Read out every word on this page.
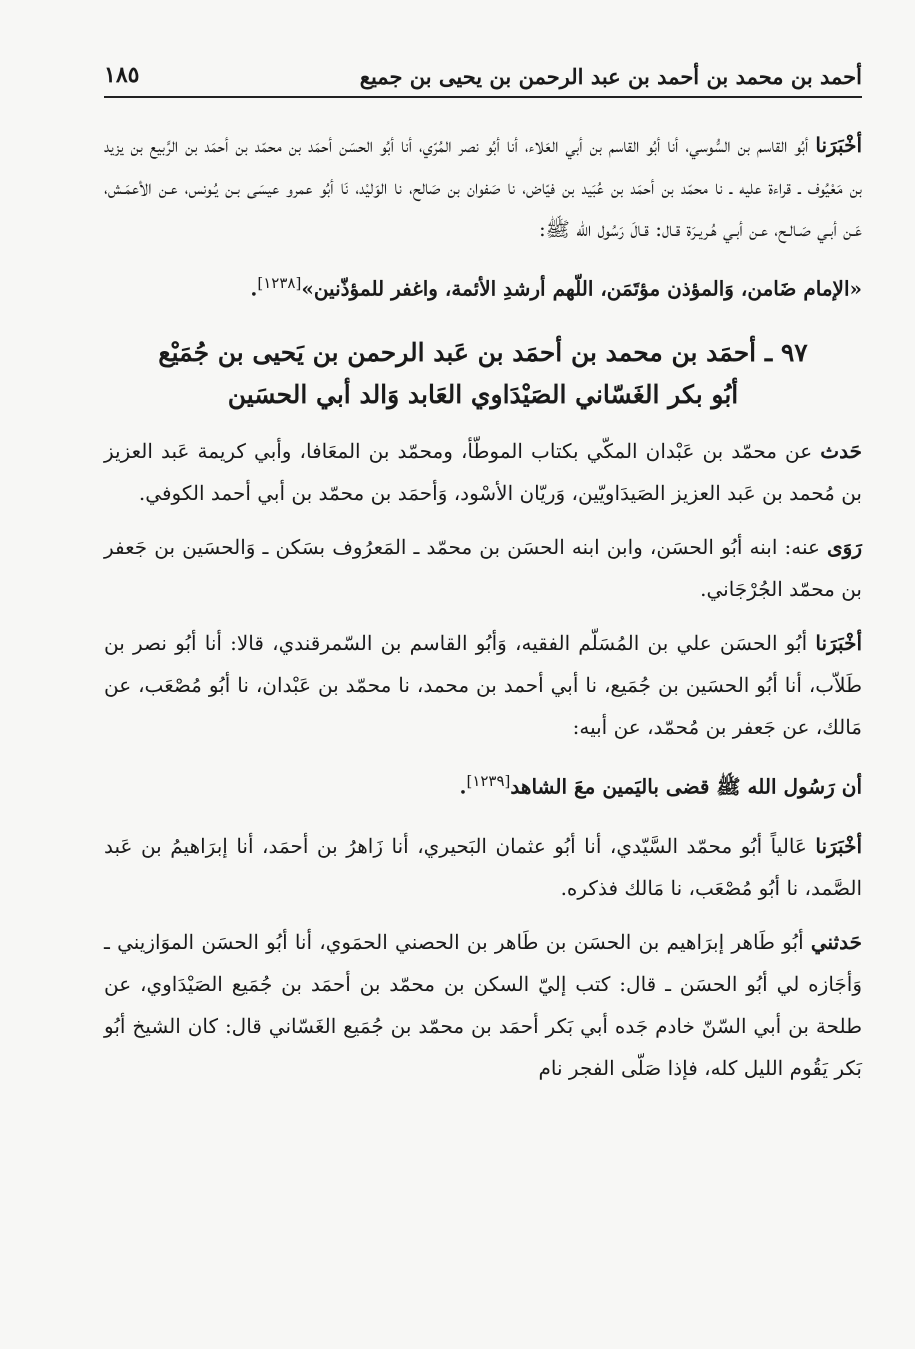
أحمد بن محمد بن أحمد بن عبد الرحمن بن يحيى بن جميع
١٨٥

أخْبَرَنا أبُو القاسم بن السُّوسي، أنا أبُو القاسم بن أبي العَلاء، أنا أبُو نصر المُرّي، أنا أبُو الحسَن أحمَد بن محمّد بن أحمَد بن الرَّبيع بن يزيد بن مَعْيُوف ـ قراءة عليه ـ نا محمّد بن أحمَد بن عُبَيد بن فيّاض، نا صَفوان بن صَالح، نا الوَليْد، نَا أبُو عمرو عيسَى بـن يُـونس، عـن الأعمَـش، عَـن أبـي صَـالـح، عـن أبـي هُـريـرَة قـال: قـالَ رَسُول الله ﷺ:

«الإمام ضَامن، وَالمؤذن مؤتَمَن، اللّهم أرشدِ الأئمة، واغفر للمؤذّنين»[١٢٣٨].

٩٧ ـ أحمَد بن محمد بن أحمَد بن عَبد الرحمن بن يَحيى بن جُمَيْع
أبُو بكر الغَسّاني الصَيْدَاوي العَابد وَالد أبي الحسَين

حَدث عن محمّد بن عَبْدان المكّي بكتاب الموطّأ، ومحمّد بن المعَافا، وأبي كريمة عَبد العزيز بن مُحمد بن عَبد العزيز الصَيدَاويّين، وَريّان الأسْود، وَأحمَد بن محمّد بن أبي أحمد الكوفي.

رَوَى عنه: ابنه أبُو الحسَن، وابن ابنه الحسَن بن محمّد ـ المَعرُوف بسَكن ـ وَالحسَين بن جَعفر بن محمّد الجُرْجَاني.

أخْبَرَنا أبُو الحسَن علي بن المُسَلّم الفقيه، وَأبُو القاسم بن السّمرقندي، قالا: أنا أبُو نصر بن طَلاّب، أنا أبُو الحسَين بن جُمَيع، نا أبي أحمد بن محمد، نا محمّد بن عَبْدان، نا أبُو مُصْعَب، عن مَالك، عن جَعفر بن مُحمّد، عن أبيه:

أن رَسُول الله ﷺ قضى باليَمين معَ الشاهد[١٢٣٩].

أخْبَرَنا عَالياً أبُو محمّد السَّيّدي، أنا أبُو عثمان البَحيري، أنا زَاهرُ بن أحمَد، أنا إبرَاهيمُ بن عَبد الصَّمد، نا أبُو مُصْعَب، نا مَالك فذكره.

حَدثني أبُو طَاهر إبرَاهيم بن الحسَن بن طَاهر بن الحصني الحمَوي، أنا أبُو الحسَن الموَازيني ـ وَأجَازه لي أبُو الحسَن ـ قال: كتب إليّ السكن بن محمّد بن أحمَد بن جُمَيع الصَيْدَاوي، عن طلحة بن أبي السّنّ خادم جَده أبي بَكر أحمَد بن محمّد بن جُمَيع الغَسّاني قال: كان الشيخ أبُو بَكر يَقُوم الليل كله، فإذا صَلّى الفجر نام
